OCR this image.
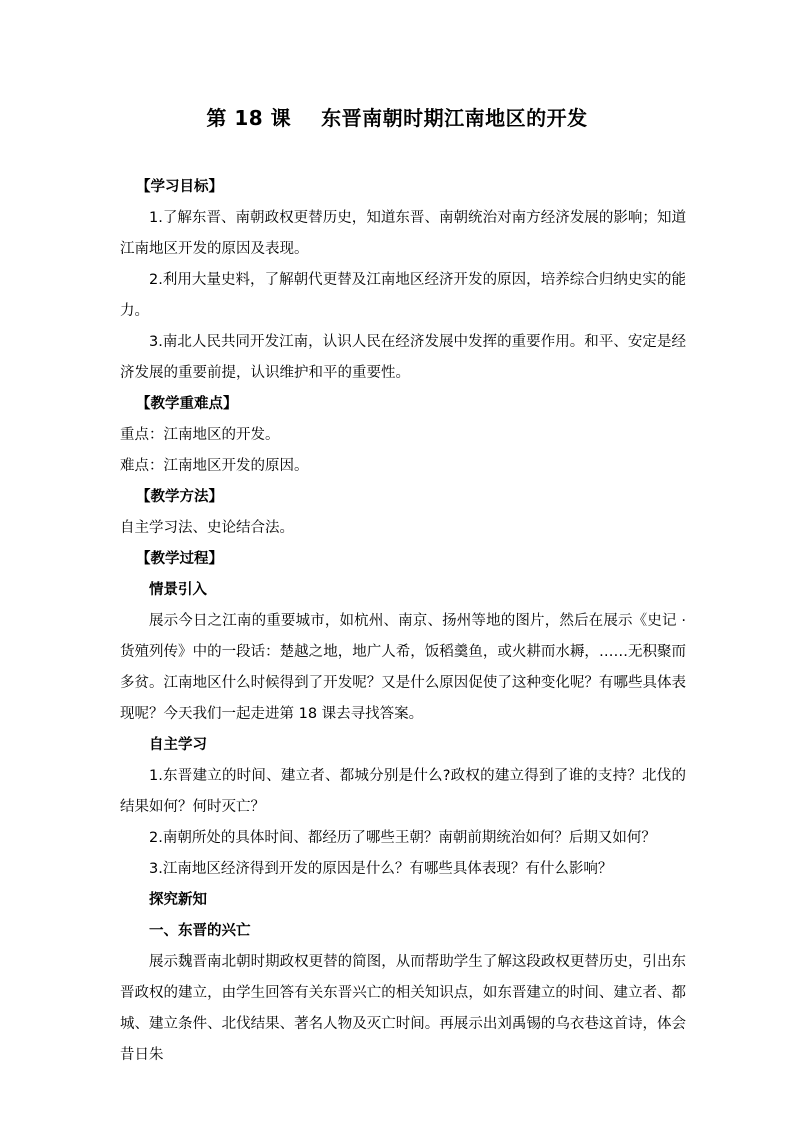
第 18 课 东晋南朝时期江南地区的开发

【学习目标】

1.了解东晋、南朝政权更替历史，知道东晋、南朝统治对南方经济发展的影响；知道江南地区开发的原因及表现。

2.利用大量史料，了解朝代更替及江南地区经济开发的原因，培养综合归纳史实的能力。

3.南北人民共同开发江南，认识人民在经济发展中发挥的重要作用。和平、安定是经济发展的重要前提，认识维护和平的重要性。

【教学重难点】

重点：江南地区的开发。

难点：江南地区开发的原因。

【教学方法】

自主学习法、史论结合法。

【教学过程】

情景引入

展示今日之江南的重要城市，如杭州、南京、扬州等地的图片，然后在展示《史记 · 货殖列传》中的一段话：楚越之地，地广人希，饭稻羹鱼，或火耕而水耨，……无积聚而多贫。江南地区什么时候得到了开发呢？又是什么原因促使了这种变化呢？有哪些具体表现呢？今天我们一起走进第 18 课去寻找答案。

自主学习

1.东晋建立的时间、建立者、都城分别是什么?政权的建立得到了谁的支持？北伐的结果如何？何时灭亡？

2.南朝所处的具体时间、都经历了哪些王朝？南朝前期统治如何？后期又如何？

3.江南地区经济得到开发的原因是什么？有哪些具体表现？有什么影响？

探究新知

一、东晋的兴亡

展示魏晋南北朝时期政权更替的简图，从而帮助学生了解这段政权更替历史，引出东晋政权的建立，由学生回答有关东晋兴亡的相关知识点，如东晋建立的时间、建立者、都城、建立条件、北伐结果、著名人物及灭亡时间。再展示出刘禹锡的乌衣巷这首诗，体会昔日朱
